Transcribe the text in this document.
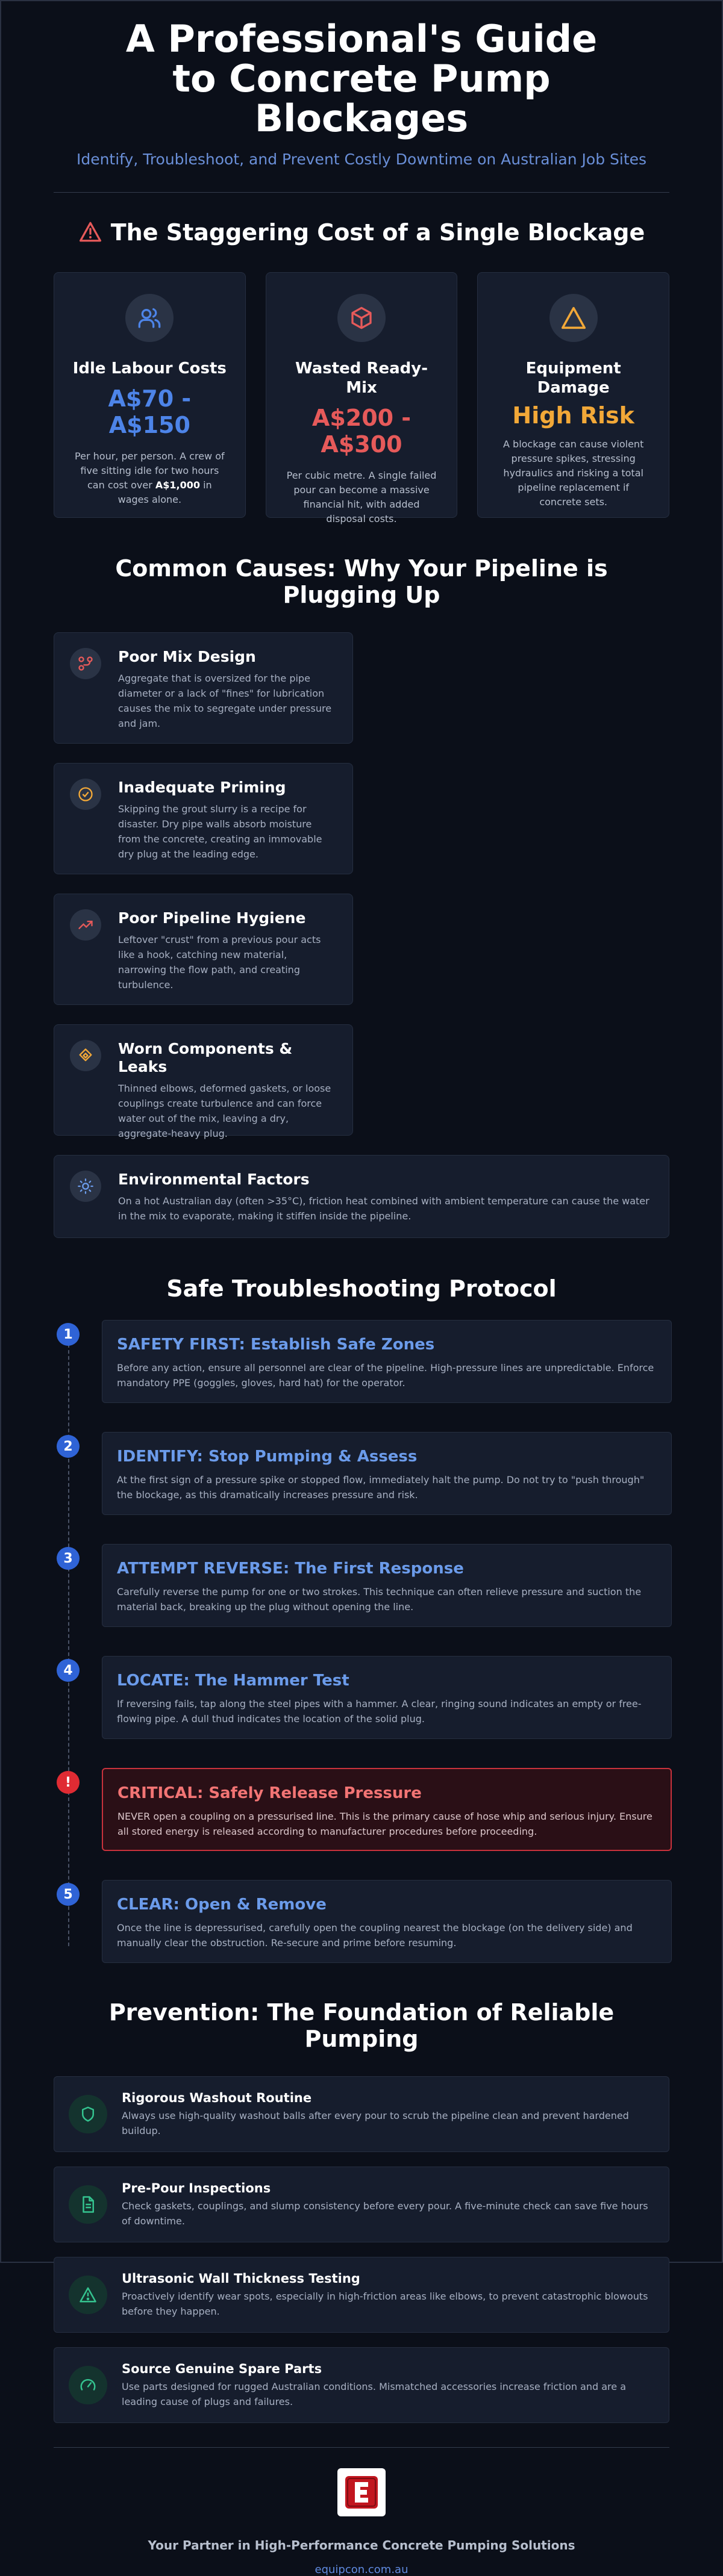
A Professional's Guide to Concrete Pump Blockages
Identify, Troubleshoot, and Prevent Costly Downtime on Australian Job Sites
The Staggering Cost of a Single Blockage
Idle Labour Costs
A$70 - A$150

Per hour, per person. A crew of five sitting idle for two hours can cost over A$1,000 in wages alone.

Wasted Ready-Mix
A$200 - A$300

Per cubic metre. A single failed pour can become a massive financial hit, with added disposal costs.

Equipment Damage
High Risk

A blockage can cause violent pressure spikes, stressing hydraulics and risking a total pipeline replacement if concrete sets.

Common Causes: Why Your Pipeline is Plugging Up
Poor Mix Design

Aggregate that is oversized for the pipe diameter or a lack of "fines" for lubrication causes the mix to segregate under pressure and jam.

Inadequate Priming

Skipping the grout slurry is a recipe for disaster. Dry pipe walls absorb moisture from the concrete, creating an immovable dry plug at the leading edge.

Poor Pipeline Hygiene

Leftover "crust" from a previous pour acts like a hook, catching new material, narrowing the flow path, and creating turbulence.

Worn Components & Leaks

Thinned elbows, deformed gaskets, or loose couplings create turbulence and can force water out of the mix, leaving a dry, aggregate-heavy plug.

Environmental Factors

On a hot Australian day (often >35°C), friction heat combined with ambient temperature can cause the water in the mix to evaporate, making it stiffen inside the pipeline.

Safe Troubleshooting Protocol
1
SAFETY FIRST: Establish Safe Zones

Before any action, ensure all personnel are clear of the pipeline. High-pressure lines are unpredictable. Enforce mandatory PPE (goggles, gloves, hard hat) for the operator.

2
IDENTIFY: Stop Pumping & Assess

At the first sign of a pressure spike or stopped flow, immediately halt the pump. Do not try to "push through" the blockage, as this dramatically increases pressure and risk.

3
ATTEMPT REVERSE: The First Response

Carefully reverse the pump for one or two strokes. This technique can often relieve pressure and suction the material back, breaking up the plug without opening the line.

4
LOCATE: The Hammer Test

If reversing fails, tap along the steel pipes with a hammer. A clear, ringing sound indicates an empty or free-flowing pipe. A dull thud indicates the location of the solid plug.

!
CRITICAL: Safely Release Pressure

NEVER open a coupling on a pressurised line. This is the primary cause of hose whip and serious injury. Ensure all stored energy is released according to manufacturer procedures before proceeding.

5
CLEAR: Open & Remove

Once the line is depressurised, carefully open the coupling nearest the blockage (on the delivery side) and manually clear the obstruction. Re-secure and prime before resuming.

Prevention: The Foundation of Reliable Pumping
Rigorous Washout Routine

Always use high-quality washout balls after every pour to scrub the pipeline clean and prevent hardened buildup.

Pre-Pour Inspections

Check gaskets, couplings, and slump consistency before every pour. A five-minute check can save five hours of downtime.

Ultrasonic Wall Thickness Testing

Proactively identify wear spots, especially in high-friction areas like elbows, to prevent catastrophic blowouts before they happen.

Source Genuine Spare Parts

Use parts designed for rugged Australian conditions. Mismatched accessories increase friction and are a leading cause of plugs and failures.

Your Partner in High-Performance Concrete Pumping Solutions
equipcon.com.au
